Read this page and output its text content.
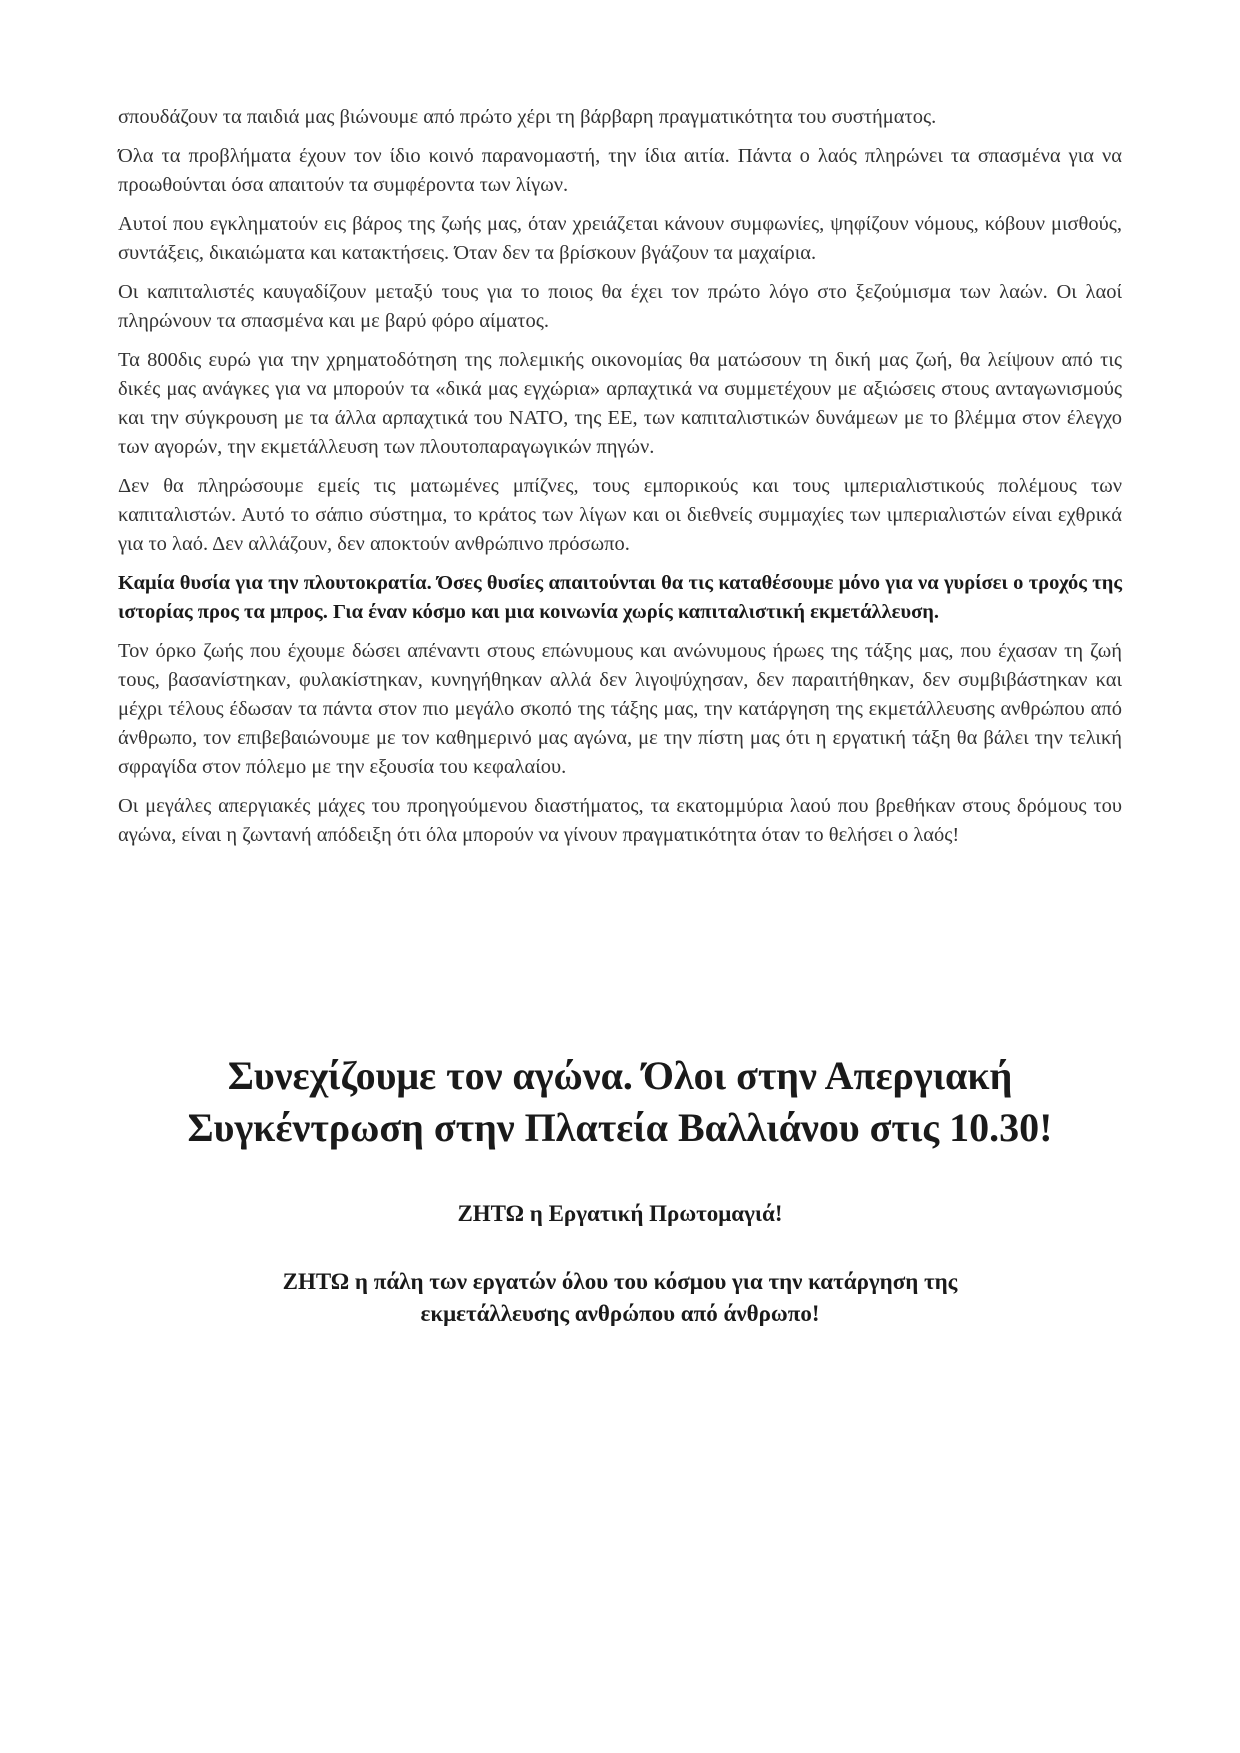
σπουδάζουν τα παιδιά μας βιώνουμε από πρώτο χέρι τη βάρβαρη πραγματικότητα του συστήματος.

Όλα τα προβλήματα έχουν τον ίδιο κοινό παρανομαστή, την ίδια αιτία. Πάντα ο λαός πληρώνει τα σπασμένα για να προωθούνται όσα απαιτούν τα συμφέροντα των λίγων.

Αυτοί που εγκληματούν εις βάρος της ζωής μας, όταν χρειάζεται κάνουν συμφωνίες, ψηφίζουν νόμους, κόβουν μισθούς, συντάξεις, δικαιώματα και κατακτήσεις. Όταν δεν τα βρίσκουν βγάζουν τα μαχαίρια.

Οι καπιταλιστές καυγαδίζουν μεταξύ τους για το ποιος θα έχει τον πρώτο λόγο στο ξεζούμισμα των λαών. Οι λαοί πληρώνουν τα σπασμένα και με βαρύ φόρο αίματος.

Τα 800δις ευρώ για την χρηματοδότηση της πολεμικής οικονομίας θα ματώσουν τη δική μας ζωή, θα λείψουν από τις δικές μας ανάγκες για να μπορούν τα «δικά μας εγχώρια» αρπαχτικά να συμμετέχουν με αξιώσεις στους ανταγωνισμούς και την σύγκρουση με τα άλλα αρπαχτικά του ΝΑΤΟ, της ΕΕ, των καπιταλιστικών δυνάμεων με το βλέμμα στον έλεγχο των αγορών, την εκμετάλλευση των πλουτοπαραγωγικών πηγών.

Δεν θα πληρώσουμε εμείς τις ματωμένες μπίζνες, τους εμπορικούς και τους ιμπεριαλιστικούς πολέμους των καπιταλιστών. Αυτό το σάπιο σύστημα, το κράτος των λίγων και οι διεθνείς συμμαχίες των ιμπεριαλιστών είναι εχθρικά για το λαό. Δεν αλλάζουν, δεν αποκτούν ανθρώπινο πρόσωπο.

Καμία θυσία για την πλουτοκρατία. Όσες θυσίες απαιτούνται θα τις καταθέσουμε μόνο για να γυρίσει ο τροχός της ιστορίας προς τα μπρος. Για έναν κόσμο και μια κοινωνία χωρίς καπιταλιστική εκμετάλλευση.

Τον όρκο ζωής που έχουμε δώσει απέναντι στους επώνυμους και ανώνυμους ήρωες της τάξης μας, που έχασαν τη ζωή τους, βασανίστηκαν, φυλακίστηκαν, κυνηγήθηκαν αλλά δεν λιγοψύχησαν, δεν παραιτήθηκαν, δεν συμβιβάστηκαν και μέχρι τέλους έδωσαν τα πάντα στον πιο μεγάλο σκοπό της τάξης μας, την κατάργηση της εκμετάλλευσης ανθρώπου από άνθρωπο, τον επιβεβαιώνουμε με τον καθημερινό μας αγώνα, με την πίστη μας ότι η εργατική τάξη θα βάλει την τελική σφραγίδα στον πόλεμο με την εξουσία του κεφαλαίου.

Οι μεγάλες απεργιακές μάχες του προηγούμενου διαστήματος, τα εκατομμύρια λαού που βρεθήκαν στους δρόμους του αγώνα, είναι η ζωντανή απόδειξη ότι όλα μπορούν να γίνουν πραγματικότητα όταν το θελήσει ο λαός!

Συνεχίζουμε τον αγώνα. Όλοι στην Απεργιακή
Συγκέντρωση στην Πλατεία Βαλλιάνου στις 10.30!

ΖΗΤΩ η Εργατική Πρωτομαγιά!

ΖΗΤΩ η πάλη των εργατών όλου του κόσμου για την κατάργηση της
εκμετάλλευσης ανθρώπου από άνθρωπο!
